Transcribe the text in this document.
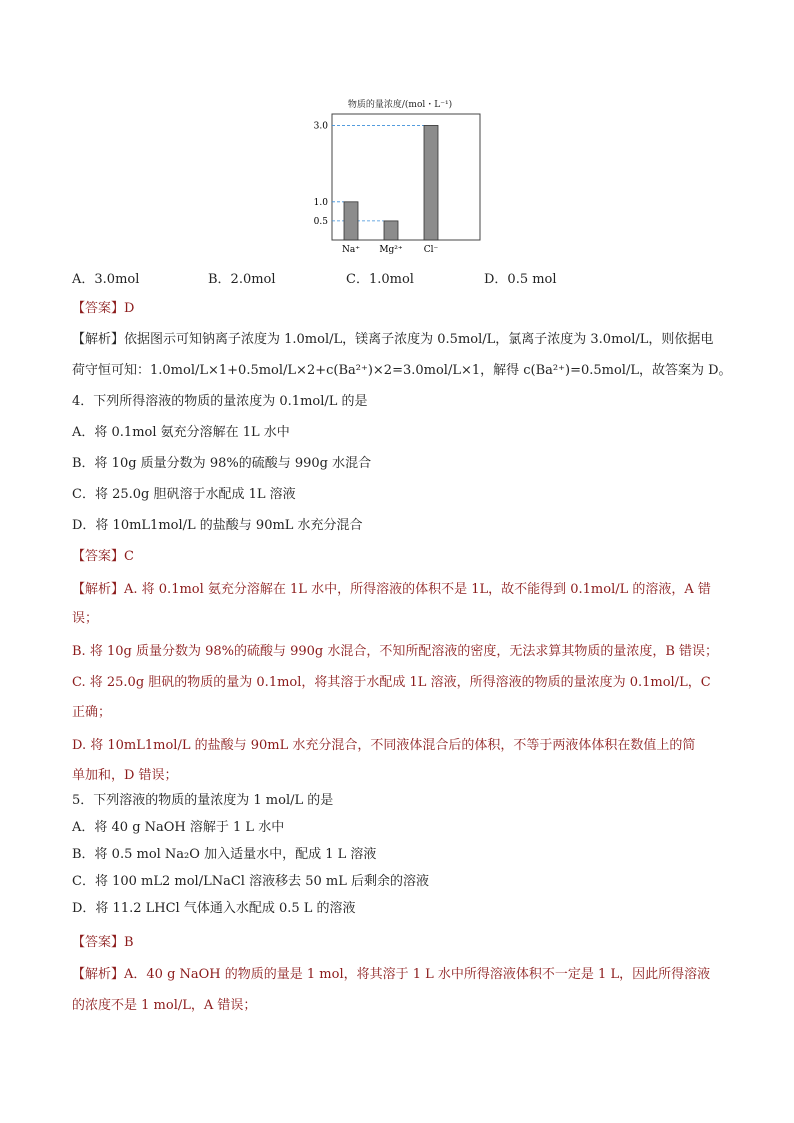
物质的量浓度/(mol・L⁻¹)
3.0
1.0
0.5
Na⁺ Mg²⁺ Cl⁻
A．3.0mol	B．2.0mol	C．1.0mol	D．0.5 mol
【答案】D
【解析】依据图示可知钠离子浓度为 1.0mol/L，镁离子浓度为 0.5mol/L，氯离子浓度为 3.0mol/L，则依据电
荷守恒可知：1.0mol/L×1+0.5mol/L×2+c(Ba²⁺)×2=3.0mol/L×1，解得 c(Ba²⁺)=0.5mol/L，故答案为 D。
4．下列所得溶液的物质的量浓度为 0.1mol/L 的是
A．将 0.1mol 氨充分溶解在 1L 水中
B．将 10g 质量分数为 98%的硫酸与 990g 水混合
C．将 25.0g 胆矾溶于水配成 1L 溶液
D．将 10mL1mol/L 的盐酸与 90mL 水充分混合
【答案】C
【解析】A. 将 0.1mol 氨充分溶解在 1L 水中，所得溶液的体积不是 1L，故不能得到 0.1mol/L 的溶液，A 错
误；
B. 将 10g 质量分数为 98%的硫酸与 990g 水混合，不知所配溶液的密度，无法求算其物质的量浓度，B 错误；
C. 将 25.0g 胆矾的物质的量为 0.1mol，将其溶于水配成 1L 溶液，所得溶液的物质的量浓度为 0.1mol/L，C
正确；
D. 将 10mL1mol/L 的盐酸与 90mL 水充分混合，不同液体混合后的体积，不等于两液体体积在数值上的简
单加和，D 错误；
5．下列溶液的物质的量浓度为 1 mol/L 的是
A．将 40 g NaOH 溶解于 1 L 水中
B．将 0.5 mol Na₂O 加入适量水中，配成 1 L 溶液
C．将 100 mL2 mol/LNaCl 溶液移去 50 mL 后剩余的溶液
D．将 11.2 LHCl 气体通入水配成 0.5 L 的溶液
【答案】B
【解析】A．40 g NaOH 的物质的量是 1 mol，将其溶于 1 L 水中所得溶液体积不一定是 1 L，因此所得溶液
的浓度不是 1 mol/L，A 错误；
